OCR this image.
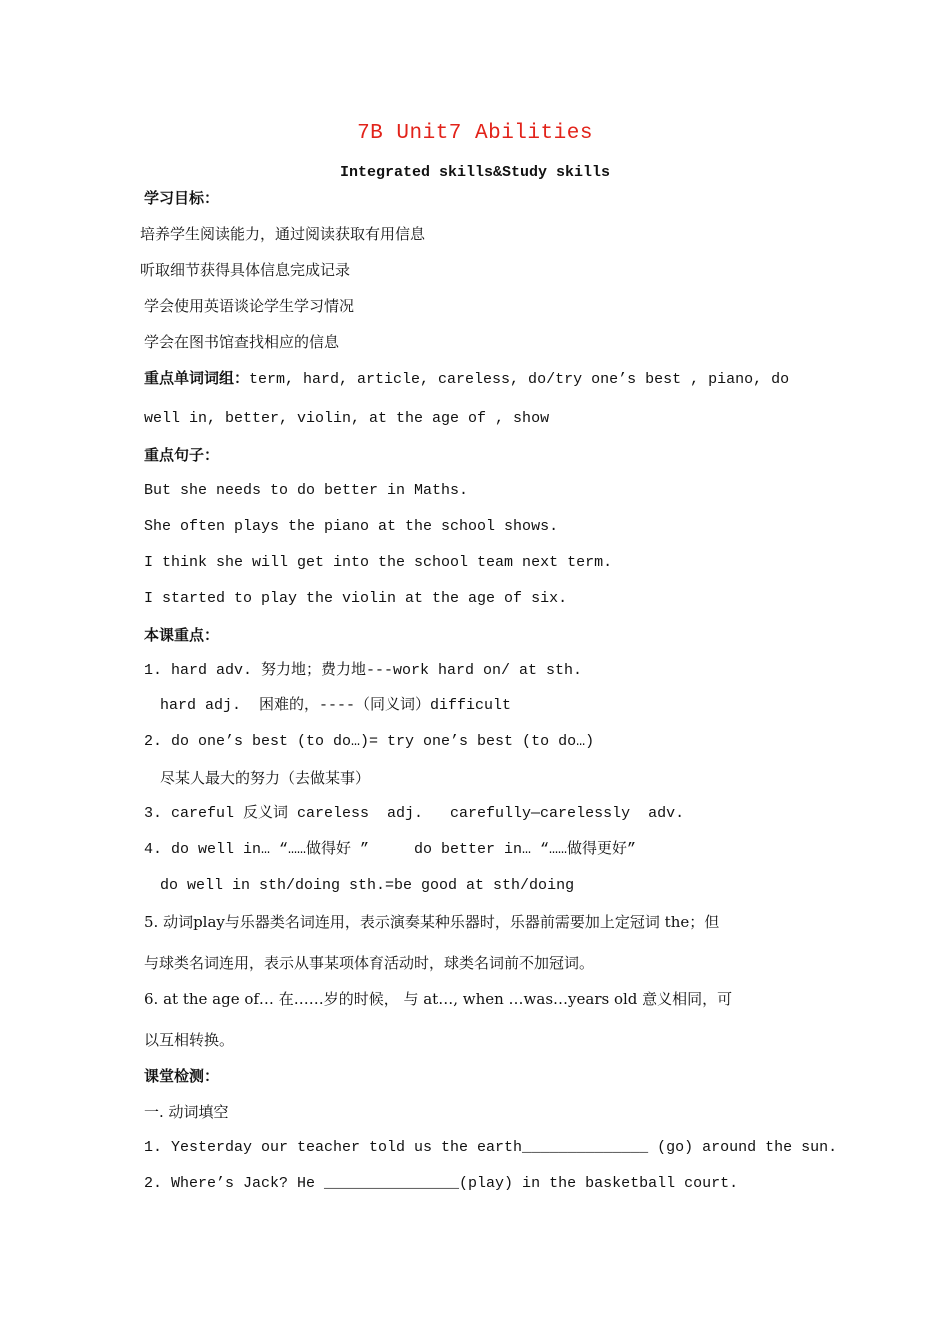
7B Unit7 Abilities
Integrated skills&Study skills
学习目标：
培养学生阅读能力，通过阅读获取有用信息
听取细节获得具体信息完成记录
学会使用英语谈论学生学习情况
学会在图书馆查找相应的信息
重点单词词组：term, hard, article, careless, do/try one’s best , piano, do
well in, better, violin, at the age of , show
重点句子：
But she needs to do better in Maths.
She often plays the piano at the school shows.
I think she will get into the school team next term.
I started to play the violin at the age of six.
本课重点：
1. hard adv. 努力地；费力地---work hard on/ at sth.
hard adj.  困难的，----（同义词）difficult
2. do one’s best (to do…)= try one’s best (to do…)
尽某人最大的努力（去做某事）
3. careful 反义词 careless  adj.   carefully—carelessly  adv.
4. do well in… “……做得好 ”     do better in… “……做得更好”
do well in sth/doing sth.=be good at sth/doing
5. 动词play与乐器类名词连用，表示演奏某种乐器时，乐器前需要加上定冠词 the；但
与球类名词连用，表示从事某项体育活动时，球类名词前不加冠词。
6. at the age of… 在……岁的时候， 与 at…, when …was…years old 意义相同，可
以互相转换。
课堂检测：
一. 动词填空
1. Yesterday our teacher told us the earth______________ (go) around the sun.
2. Where’s Jack? He _______________(play) in the basketball court.
